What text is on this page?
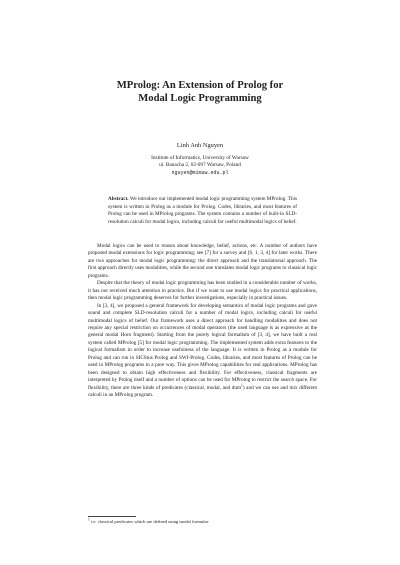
MProlog: An Extension of Prolog for
Modal Logic Programming
Linh Anh Nguyen
Institute of Informatics, University of Warsaw
ul. Banacha 2, 02-097 Warsaw, Poland
nguyen@mimuw.edu.pl
Abstract. We introduce our implemented modal logic programming system MProlog. This system is written in Prolog as a module for Prolog. Codes, libraries, and most features of Prolog can be used in MProlog programs. The system contains a number of built-in SLD-resolution calculi for modal logics, including calculi for useful multimodal logics of belief.

Modal logics can be used to reason about knowledge, belief, actions, etc. A number of authors have proposed modal extensions for logic programming; see [7] for a survey and [6, 1, 3, 4] for later works. There are two approaches for modal logic programming: the direct approach and the translational approach. The first approach directly uses modalities, while the second one translates modal logic programs to classical logic programs.

Despite that the theory of modal logic programming has been studied in a considerable number of works, it has not received much attention in practice. But if we want to use modal logics for practical applications, then modal logic programming deserves for further investigations, especially in practical issues.

In [3, 4], we proposed a general framework for developing semantics of modal logic programs and gave sound and complete SLD-resolution calculi for a number of modal logics, including calculi for useful multimodal logics of belief. Our framework uses a direct approach for handling modalities and does not require any special restriction on occurrences of modal operators (the used language is as expressive as the general modal Horn fragment). Starting from the purely logical formalism of [3, 4], we have built a real system called MProlog [5] for modal logic programming. The implemented system adds extra features to the logical formalism in order to increase usefulness of the language. It is written in Prolog as a module for Prolog and can run in SICStus Prolog and SWI-Prolog. Codes, libraries, and most features of Prolog can be used in MProlog programs in a pure way. This gives MProlog capabilities for real applications. MProlog has been designed to obtain high effectiveness and flexibility. For effectiveness, classical fragments are interpreted by Prolog itself and a number of options can be used for MProlog to restrict the search space. For flexibility, there are three kinds of predicates (classical, modal, and dum$^1$) and we can use and mix different calculi in an MProlog program.

$^1$ i.e. classical predicates which are defined using modal formulae
